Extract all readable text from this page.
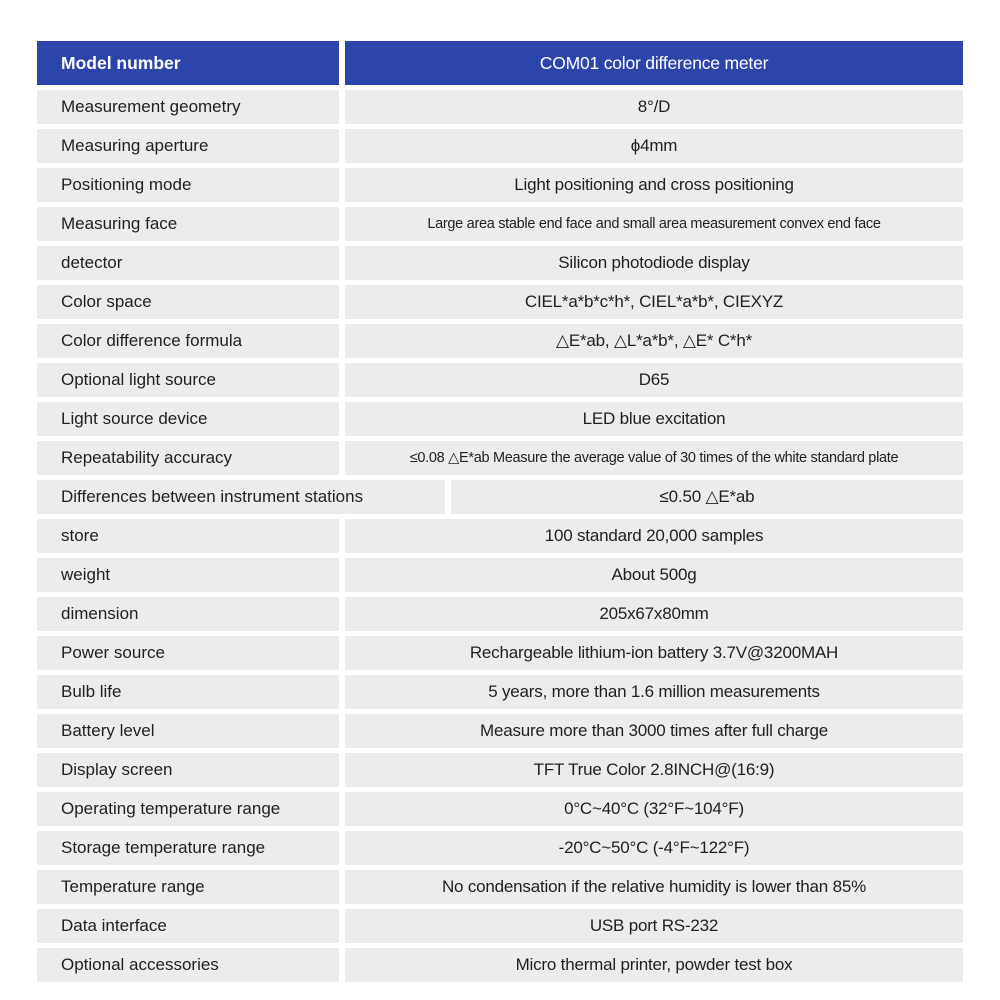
Model number	COM01 color difference meter
Measurement geometry	8°/D
Measuring aperture	ϕ4mm
Positioning mode	Light positioning and cross positioning
Measuring face	Large area stable end face and small area measurement convex end face
detector	Silicon photodiode display
Color space	CIEL*a*b*c*h*, CIEL*a*b*, CIEXYZ
Color difference formula	△E*ab, △L*a*b*, △E* C*h*
Optional light source	D65
Light source device	LED blue excitation
Repeatability accuracy	≤0.08 △E*ab Measure the average value of 30 times of the white standard plate
Differences between instrument stations	≤0.50 △E*ab
store	100 standard 20,000 samples
weight	About 500g
dimension	205x67x80mm
Power source	Rechargeable lithium-ion battery 3.7V@3200MAH
Bulb life	5 years, more than 1.6 million measurements
Battery level	Measure more than 3000 times after full charge
Display screen	TFT True Color 2.8INCH@(16:9)
Operating temperature range	0°C~40°C (32°F~104°F)
Storage temperature range	-20°C~50°C (-4°F~122°F)
Temperature range	No condensation if the relative humidity is lower than 85%
Data interface	USB port RS-232
Optional accessories	Micro thermal printer, powder test box
